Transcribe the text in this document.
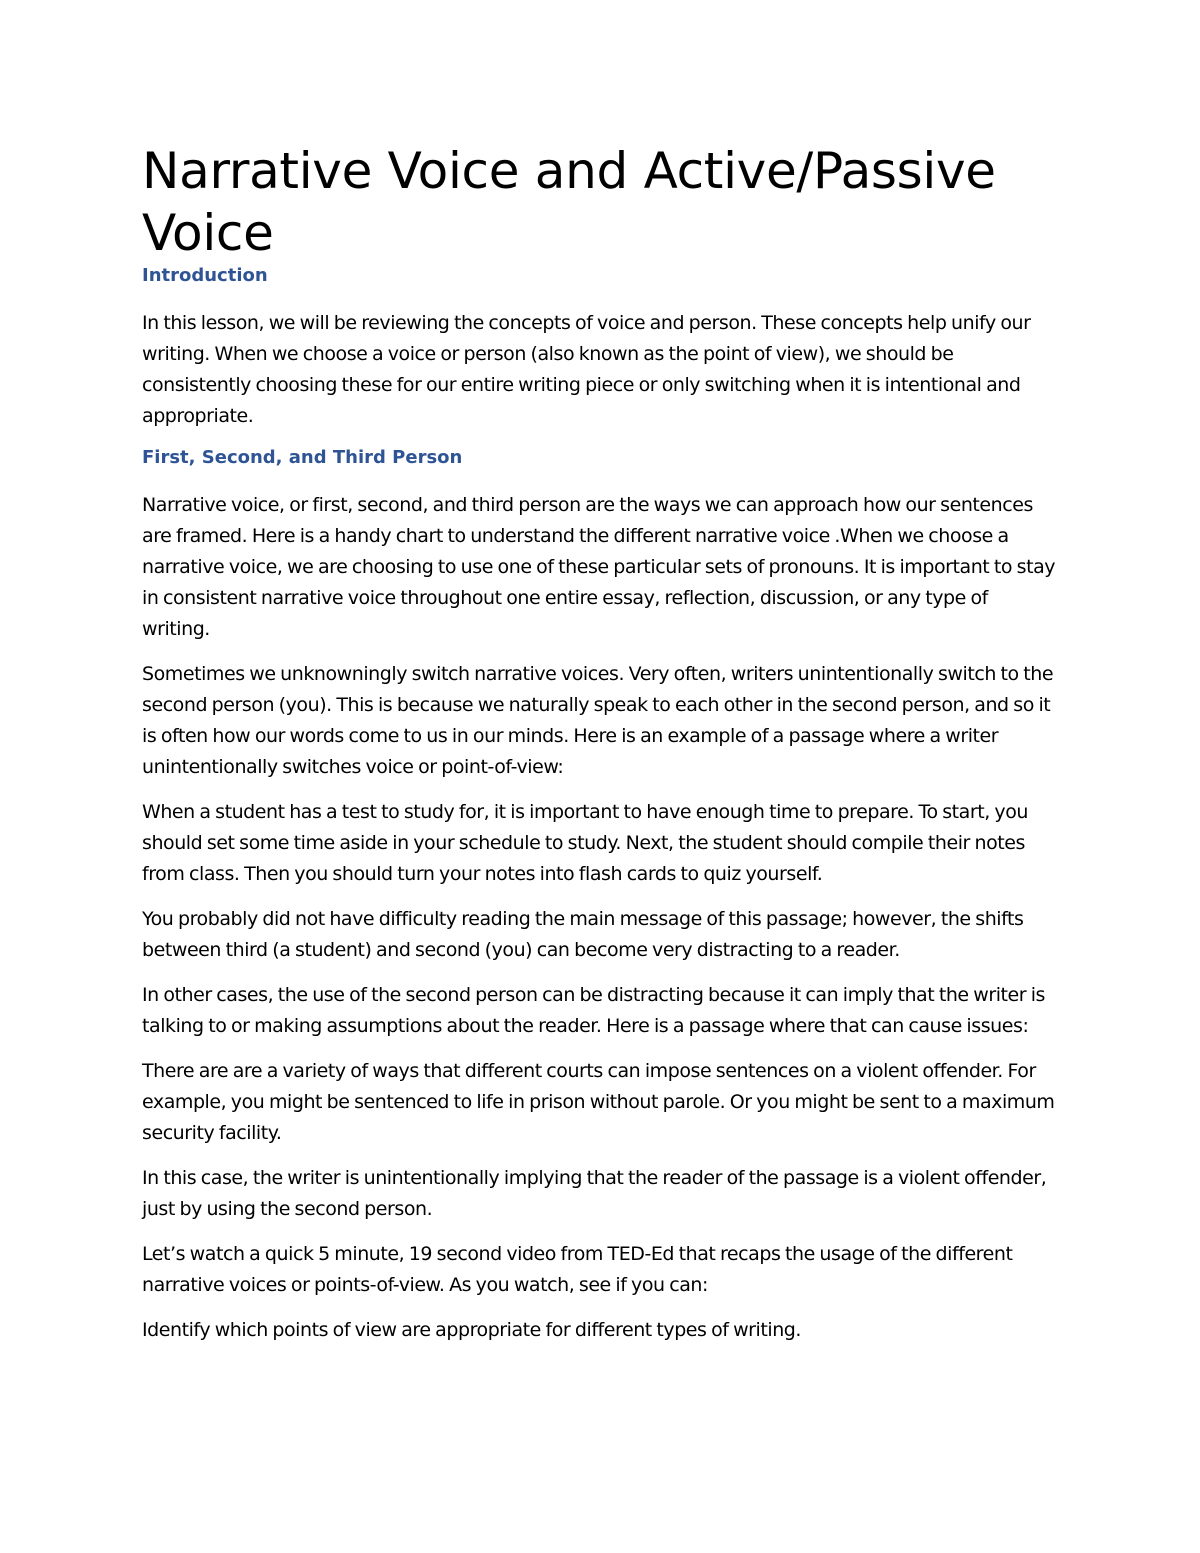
Narrative Voice and Active/Passive Voice
Introduction

In this lesson, we will be reviewing the concepts of voice and person. These concepts help unify our writing. When we choose a voice or person (also known as the point of view), we should be consistently choosing these for our entire writing piece or only switching when it is intentional and appropriate.

First, Second, and Third Person

Narrative voice, or first, second, and third person are the ways we can approach how our sentences are framed. Here is a handy chart to understand the different narrative voice .When we choose a narrative voice, we are choosing to use one of these particular sets of pronouns. It is important to stay in consistent narrative voice throughout one entire essay, reflection, discussion, or any type of writing.

Sometimes we unknowningly switch narrative voices. Very often, writers unintentionally switch to the second person (you). This is because we naturally speak to each other in the second person, and so it is often how our words come to us in our minds. Here is an example of a passage where a writer unintentionally switches voice or point-of-view:

When a student has a test to study for, it is important to have enough time to prepare. To start, you should set some time aside in your schedule to study. Next, the student should compile their notes from class. Then you should turn your notes into flash cards to quiz yourself.

You probably did not have difficulty reading the main message of this passage; however, the shifts between third (a student) and second (you) can become very distracting to a reader.

In other cases, the use of the second person can be distracting because it can imply that the writer is talking to or making assumptions about the reader. Here is a passage where that can cause issues:

There are are a variety of ways that different courts can impose sentences on a violent offender. For example, you might be sentenced to life in prison without parole. Or you might be sent to a maximum security facility.

In this case, the writer is unintentionally implying that the reader of the passage is a violent offender, just by using the second person.

Let’s watch a quick 5 minute, 19 second video from TED-Ed that recaps the usage of the different narrative voices or points-of-view. As you watch, see if you can:

Identify which points of view are appropriate for different types of writing.
